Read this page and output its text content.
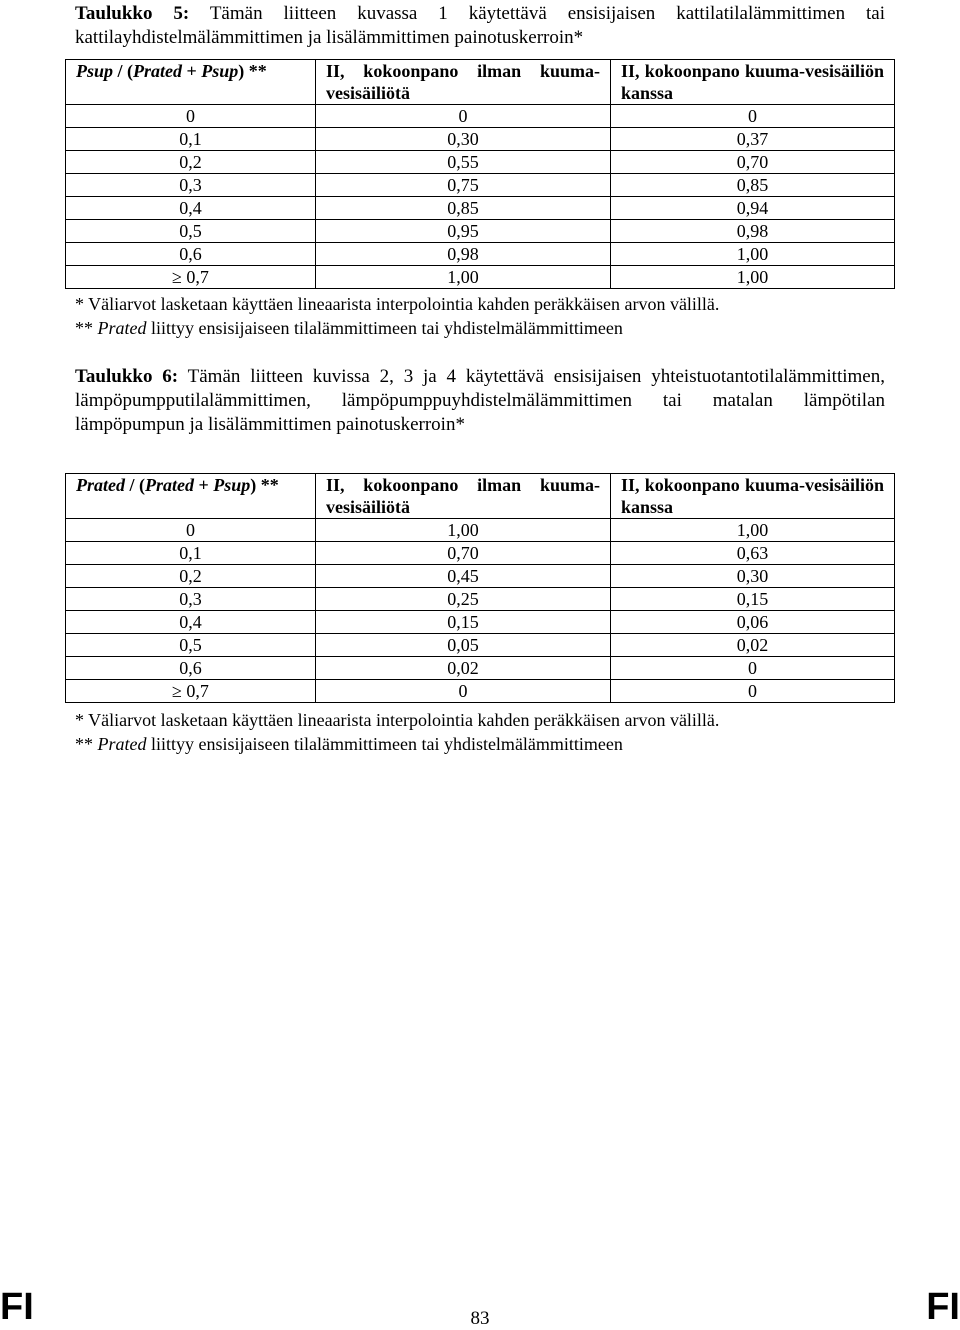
Taulukko 5: Tämän liitteen kuvassa 1 käytettävä ensisijaisen kattilatilalämmittimen tai kattilayhdistelmälämmittimen ja lisälämmittimen painotuskerroin*

Psup / (Prated + Psup) **	II, kokoonpano ilman kuuma-vesisäiliötä	II, kokoonpano kuuma-vesisäiliön kanssa
0	0	0
0,1	0,30	0,37
0,2	0,55	0,70
0,3	0,75	0,85
0,4	0,85	0,94
0,5	0,95	0,98
0,6	0,98	1,00
≥ 0,7	1,00	1,00
* Väliarvot lasketaan käyttäen lineaarista interpolointia kahden peräkkäisen arvon välillä.
** Prated liittyy ensisijaiseen tilalämmittimeen tai yhdistelmälämmittimeen

Taulukko 6: Tämän liitteen kuvissa 2, 3 ja 4 käytettävä ensisijaisen yhteistuotantotilalämmittimen, lämpöpumpputilalämmittimen, lämpöpumppuyhdistelmälämmittimen tai matalan lämpötilan lämpöpumpun ja lisälämmittimen painotuskerroin*

Prated / (Prated + Psup) **	II, kokoonpano ilman kuuma-vesisäiliötä	II, kokoonpano kuuma-vesisäiliön kanssa
0	1,00	1,00
0,1	0,70	0,63
0,2	0,45	0,30
0,3	0,25	0,15
0,4	0,15	0,06
0,5	0,05	0,02
0,6	0,02	0
≥ 0,7	0	0
* Väliarvot lasketaan käyttäen lineaarista interpolointia kahden peräkkäisen arvon välillä.
** Prated liittyy ensisijaiseen tilalämmittimeen tai yhdistelmälämmittimeen
FI	83	FI
